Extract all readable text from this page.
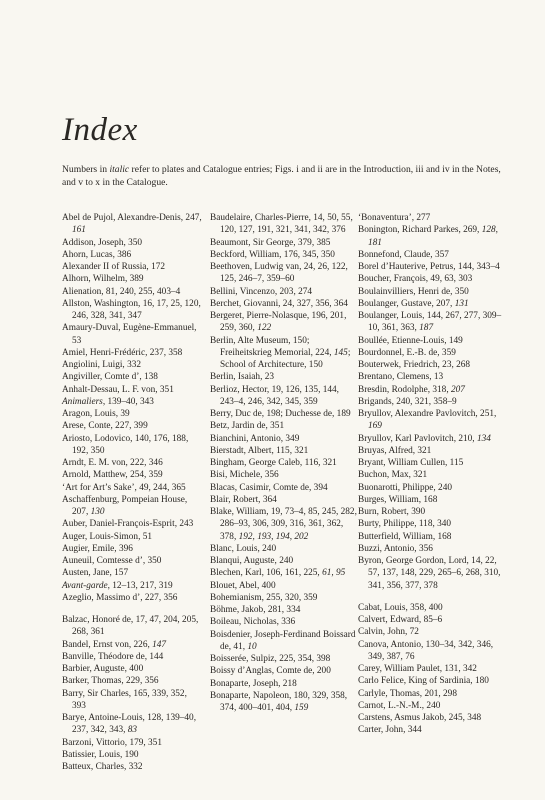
Index

Numbers in italic refer to plates and Catalogue entries; Figs. i and ii are in the Introduction, iii and iv in the Notes, and v to x in the Catalogue.

Abel de Pujol, Alexandre-Denis, 247, 161
Addison, Joseph, 350
Ahorn, Lucas, 386
Alexander II of Russia, 172
Alhorn, Wilhelm, 389
Alienation, 81, 240, 255, 403–4
Allston, Washington, 16, 17, 25, 120, 246, 328, 341, 347
Amaury-Duval, Eugène-Emmanuel, 53
Amiel, Henri-Frédéric, 237, 358
Angiolini, Luigi, 332
Angiviller, Comte d’, 138
Anhalt-Dessau, L. F. von, 351
Animaliers, 139–40, 343
Aragon, Louis, 39
Arese, Conte, 227, 399
Ariosto, Lodovico, 140, 176, 188, 192, 350
Arndt, E. M. von, 222, 346
Arnold, Matthew, 254, 359
‘Art for Art’s Sake’, 49, 244, 365
Aschaffenburg, Pompeian House, 207, 130
Auber, Daniel-François-Esprit, 243
Auger, Louis-Simon, 51
Augier, Emile, 396
Auneuil, Comtesse d’, 350
Austen, Jane, 157
Avant-garde, 12–13, 217, 319
Azeglio, Massimo d’, 227, 356
Balzac, Honoré de, 17, 47, 204, 205, 268, 361
Bandel, Ernst von, 226, 147
Banville, Théodore de, 144
Barbier, Auguste, 400
Barker, Thomas, 229, 356
Barry, Sir Charles, 165, 339, 352, 393
Barye, Antoine-Louis, 128, 139–40, 237, 342, 343, 83
Barzoni, Vittorio, 179, 351
Batissier, Louis, 190
Batteux, Charles, 332
Baudelaire, Charles-Pierre, 14, 50, 55, 120, 127, 191, 321, 341, 342, 376
Beaumont, Sir George, 379, 385
Beckford, William, 176, 345, 350
Beethoven, Ludwig van, 24, 26, 122, 125, 246–7, 359–60
Bellini, Vincenzo, 203, 274
Berchet, Giovanni, 24, 327, 356, 364
Bergeret, Pierre-Nolasque, 196, 201, 259, 360, 122
Berlin, Alte Museum, 150; Freiheitskrieg Memorial, 224, 145; School of Architecture, 150
Berlin, Isaiah, 23
Berlioz, Hector, 19, 126, 135, 144, 243–4, 246, 342, 345, 359
Berry, Duc de, 198; Duchesse de, 189
Betz, Jardin de, 351
Bianchini, Antonio, 349
Bierstadt, Albert, 115, 321
Bingham, George Caleb, 116, 321
Bisi, Michele, 356
Blacas, Casimir, Comte de, 394
Blair, Robert, 364
Blake, William, 19, 73–4, 85, 245, 282, 286–93, 306, 309, 316, 361, 362, 378, 192, 193, 194, 202
Blanc, Louis, 240
Blanqui, Auguste, 240
Blechen, Karl, 106, 161, 225, 61, 95
Blouet, Abel, 400
Bohemianism, 255, 320, 359
Böhme, Jakob, 281, 334
Boileau, Nicholas, 336
Boisdenier, Joseph-Ferdinand Boissard de, 41, 10
Boisserée, Sulpiz, 225, 354, 398
Boissy d’Anglas, Comte de, 200
Bonaparte, Joseph, 218
Bonaparte, Napoleon, 180, 329, 358, 374, 400–401, 404, 159
‘Bonaventura’, 277
Bonington, Richard Parkes, 269, 128, 181
Bonnefond, Claude, 357
Borel d’Hauterive, Petrus, 144, 343–4
Boucher, François, 49, 63, 303
Boulainvilliers, Henri de, 350
Boulanger, Gustave, 207, 131
Boulanger, Louis, 144, 267, 277, 309–10, 361, 363, 187
Boullée, Etienne-Louis, 149
Bourdonnel, E.-B. de, 359
Bouterwek, Friedrich, 23, 268
Brentano, Clemens, 13
Bresdin, Rodolphe, 318, 207
Brigands, 240, 321, 358–9
Bryullov, Alexandre Pavlovitch, 251, 169
Bryullov, Karl Pavlovitch, 210, 134
Bruyas, Alfred, 321
Bryant, William Cullen, 115
Buchon, Max, 321
Buonarotti, Philippe, 240
Burges, William, 168
Burn, Robert, 390
Burty, Philippe, 118, 340
Butterfield, William, 168
Buzzi, Antonio, 356
Byron, George Gordon, Lord, 14, 22, 57, 137, 148, 229, 265–6, 268, 310, 341, 356, 377, 378
Cabat, Louis, 358, 400
Calvert, Edward, 85–6
Calvin, John, 72
Canova, Antonio, 130–34, 342, 346, 349, 387, 76
Carey, William Paulet, 131, 342
Carlo Felice, King of Sardinia, 180
Carlyle, Thomas, 201, 298
Carnot, L.-N.-M., 240
Carstens, Asmus Jakob, 245, 348
Carter, John, 344
